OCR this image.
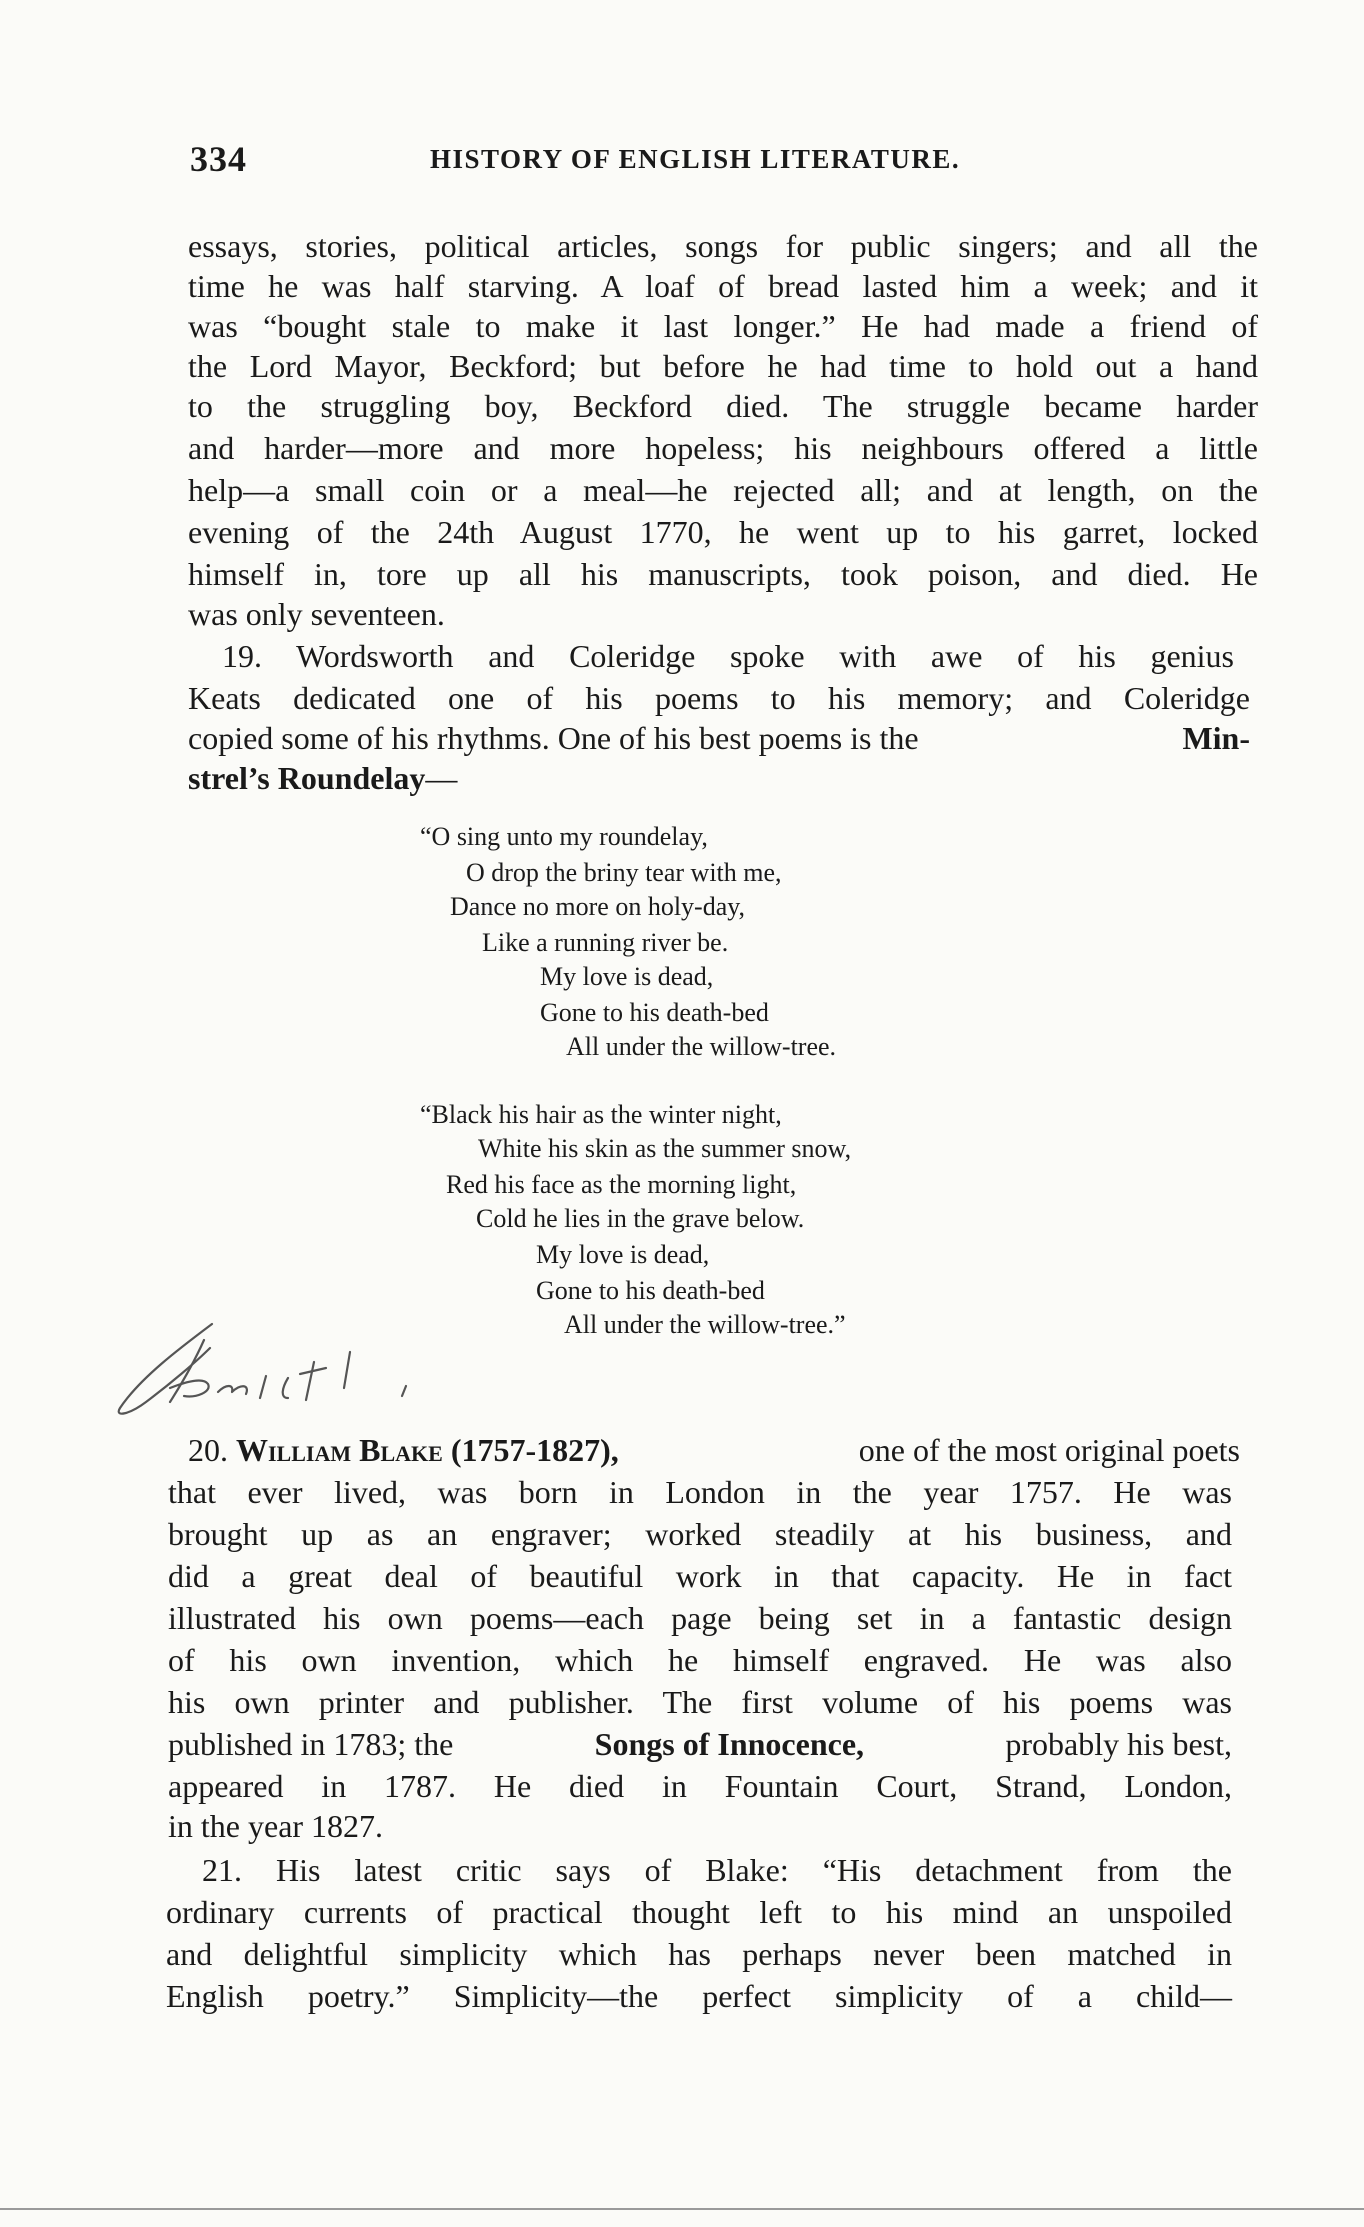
334	HISTORY OF ENGLISH LITERATURE.
essays, stories, political articles, songs for public singers; and all the
time he was half starving. A loaf of bread lasted him a week; and it
was “bought stale to make it last longer.” He had made a friend of
the Lord Mayor, Beckford; but before he had time to hold out a hand
to the struggling boy, Beckford died. The struggle became harder
and harder—more and more hopeless; his neighbours offered a little
help—a small coin or a meal—he rejected all; and at length, on the
evening of the 24th August 1770, he went up to his garret, locked
himself in, tore up all his manuscripts, took poison, and died. He
was only seventeen.
19. Wordsworth and Coleridge spoke with awe of his genius
Keats dedicated one of his poems to his memory; and Coleridge
copied some of his rhythms. One of his best poems is the	Min-
strel’s Roundelay—
“O sing unto my roundelay,
O drop the briny tear with me,
Dance no more on holy-day,
Like a running river be.
My love is dead,
Gone to his death-bed
All under the willow-tree.
“Black his hair as the winter night,
White his skin as the summer snow,
Red his face as the morning light,
Cold he lies in the grave below.
My love is dead,
Gone to his death-bed
All under the willow-tree.”
20. William Blake (1757-1827),	one of the most original poets
that ever lived, was born in London in the year 1757. He was
brought up as an engraver; worked steadily at his business, and
did a great deal of beautiful work in that capacity. He in fact
illustrated his own poems—each page being set in a fantastic design
of his own invention, which he himself engraved. He was also
his own printer and publisher. The first volume of his poems was
published in 1783; the	Songs of Innocence,	probably his best,
appeared in 1787. He died in Fountain Court, Strand, London,
in the year 1827.
21. His latest critic says of Blake: “His detachment from the
ordinary currents of practical thought left to his mind an unspoiled
and delightful simplicity which has perhaps never been matched in
English poetry.” Simplicity—the perfect simplicity of a child—
